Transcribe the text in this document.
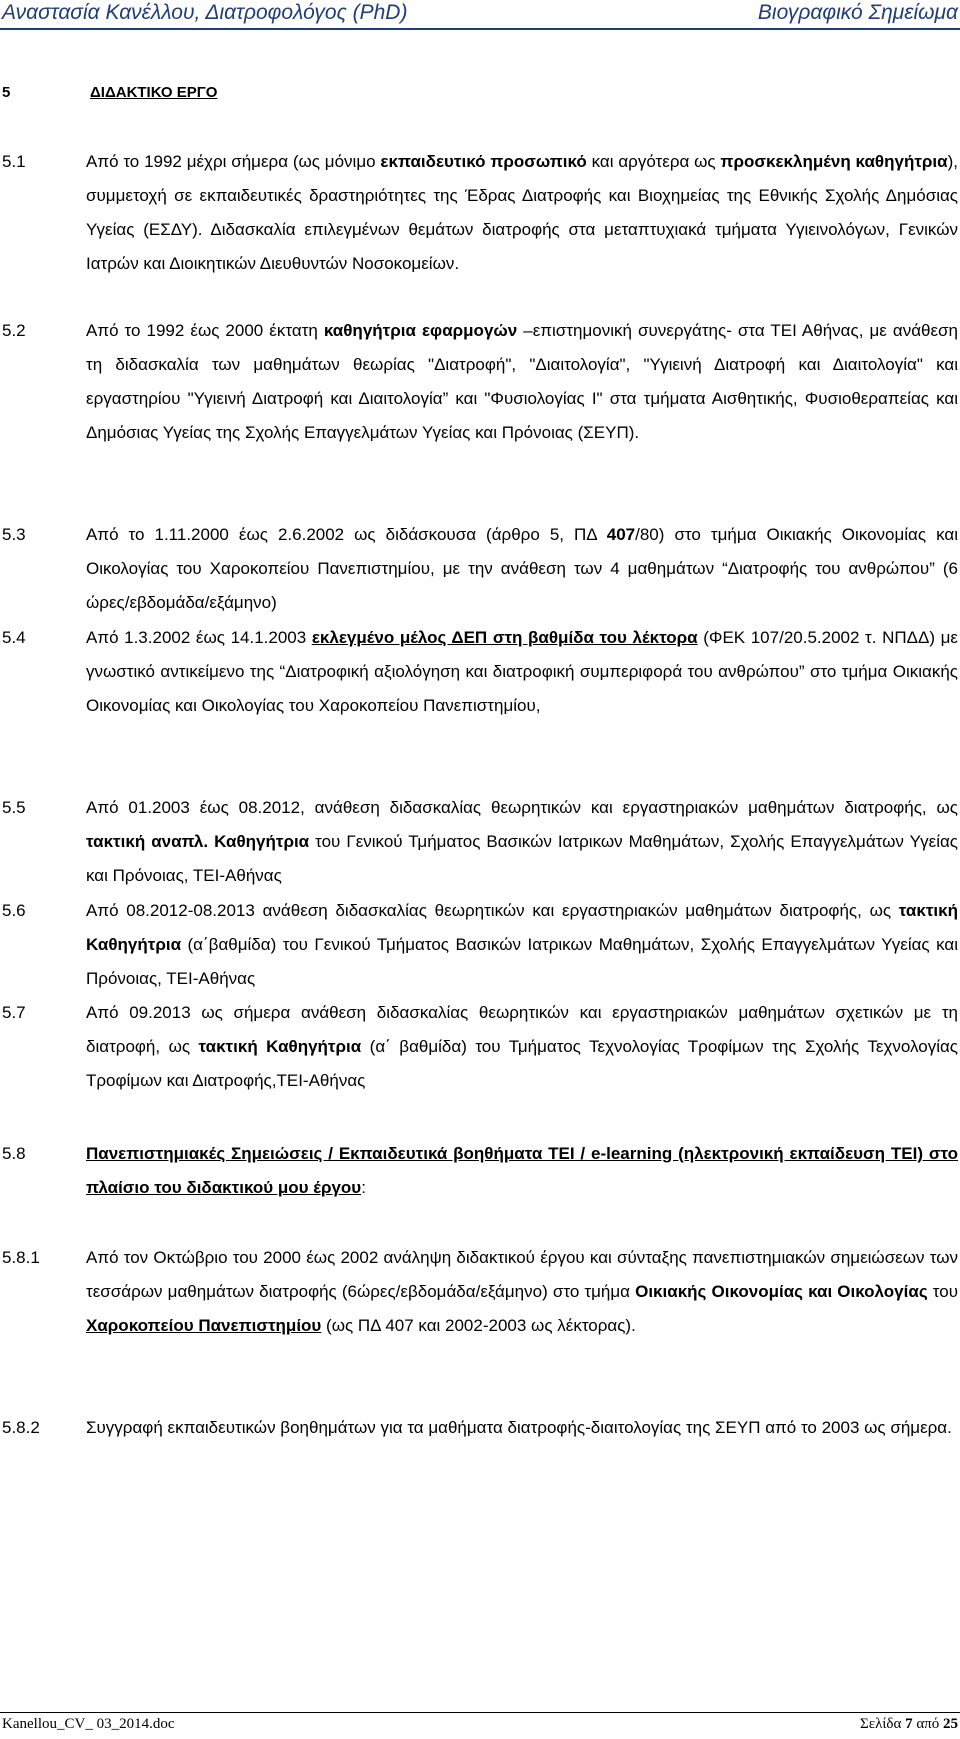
Αναστασία Κανέλλου, Διατροφολόγος (PhD)	Βιογραφικό Σημείωμα
5	ΔΙΔΑΚΤΙΚΟ ΕΡΓΟ
5.1	Από το 1992 μέχρι σήμερα (ως μόνιμο εκπαιδευτικό προσωπικό και αργότερα ως προσκεκλημένη καθηγήτρια), συμμετοχή σε εκπαιδευτικές δραστηριότητες της Έδρας Διατροφής και Βιοχημείας της Εθνικής Σχολής Δημόσιας Υγείας (ΕΣΔΥ). Διδασκαλία επιλεγμένων θεμάτων διατροφής στα μεταπτυχιακά τμήματα Υγιεινολόγων, Γενικών Ιατρών και Διοικητικών Διευθυντών Νοσοκομείων.
5.2	Από το 1992 έως 2000 έκτατη καθηγήτρια εφαρμογών –επιστημονική συνεργάτης- στα ΤΕΙ Αθήνας, με ανάθεση τη διδασκαλία των μαθημάτων θεωρίας "Διατροφή", "Διαιτολογία", "Υγιεινή Διατροφή και Διαιτολογία" και εργαστηρίου "Υγιεινή Διατροφή και Διαιτολογία” και "Φυσιολογίας Ι" στα τμήματα Αισθητικής, Φυσιοθεραπείας και Δημόσιας Υγείας της Σχολής Επαγγελμάτων Υγείας και Πρόνοιας (ΣΕΥΠ).
5.3	Από το 1.11.2000 έως 2.6.2002 ως διδάσκουσα (άρθρο 5, ΠΔ 407/80) στο τμήμα Οικιακής Οικονομίας και Οικολογίας του Χαροκοπείου Πανεπιστημίου, με την ανάθεση των 4 μαθημάτων “Διατροφής του ανθρώπου” (6 ώρες/εβδομάδα/εξάμηνο)
5.4	Από 1.3.2002 έως 14.1.2003 εκλεγμένο μέλος ΔΕΠ στη βαθμίδα του λέκτορα (ΦΕΚ 107/20.5.2002 τ. ΝΠΔΔ) με γνωστικό αντικείμενο της “Διατροφική αξιολόγηση και διατροφική συμπεριφορά του ανθρώπου” στο τμήμα Οικιακής Οικονομίας και Οικολογίας του Χαροκοπείου Πανεπιστημίου,
5.5	Από 01.2003 έως 08.2012, ανάθεση διδασκαλίας θεωρητικών και εργαστηριακών μαθημάτων διατροφής, ως τακτική αναπλ. Καθηγήτρια του Γενικού Τμήματος Βασικών Ιατρικων Μαθημάτων, Σχολής Επαγγελμάτων Υγείας και Πρόνοιας, ΤΕΙ-Αθήνας
5.6	Από 08.2012-08.2013 ανάθεση διδασκαλίας θεωρητικών και εργαστηριακών μαθημάτων διατροφής, ως τακτική Καθηγήτρια (α΄βαθμίδα) του Γενικού Τμήματος Βασικών Ιατρικων Μαθημάτων, Σχολής Επαγγελμάτων Υγείας και Πρόνοιας, ΤΕΙ-Αθήνας
5.7	Από 09.2013 ως σήμερα ανάθεση διδασκαλίας θεωρητικών και εργαστηριακών μαθημάτων σχετικών με τη διατροφή, ως τακτική Καθηγήτρια (α΄ βαθμίδα) του Τμήματος Τεχνολογίας Τροφίμων της Σχολής Τεχνολογίας Τροφίμων και Διατροφής,ΤΕΙ-Αθήνας
5.8	Πανεπιστημιακές Σημειώσεις / Εκπαιδευτικά βοηθήματα ΤΕΙ / e-learning (ηλεκτρονική εκπαίδευση ΤΕΙ) στο πλαίσιο του διδακτικού μου έργου:
5.8.1	Από τον Οκτώβριο του 2000 έως 2002 ανάληψη διδακτικού έργου και σύνταξης πανεπιστημιακών σημειώσεων των τεσσάρων μαθημάτων διατροφής (6ώρες/εβδομάδα/εξάμηνο) στο τμήμα Οικιακής Οικονομίας και Οικολογίας του Χαροκοπείου Πανεπιστημίου (ως ΠΔ 407 και 2002-2003 ως λέκτορας).
5.8.2	Συγγραφή εκπαιδευτικών βοηθημάτων για τα μαθήματα διατροφής-διαιτολογίας της ΣΕΥΠ από το 2003 ως σήμερα.
Kanellou_CV_ 03_2014.doc	Σελίδα 7 από 25
